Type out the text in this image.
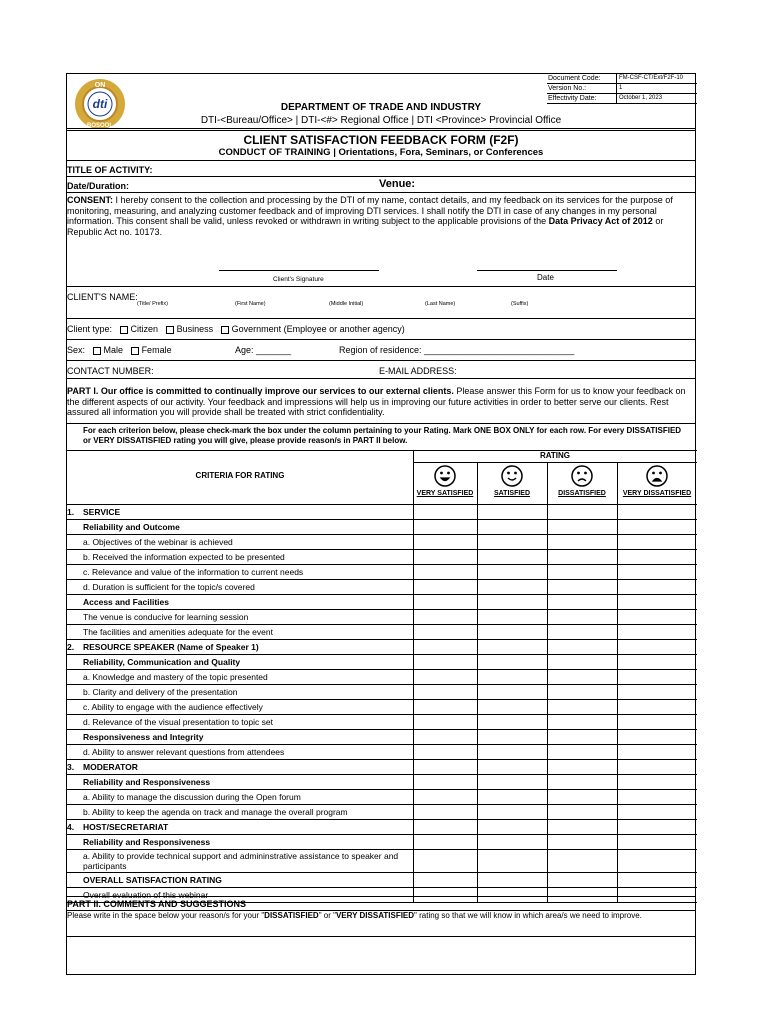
Document Code:	FM-CSF-CT/Ext/F2F-10
Version No.:	1
Effectivity Date:	October 1, 2023
dti
ON
BOSOOL
DEPARTMENT OF TRADE AND INDUSTRY
DTI-<Bureau/Office> | DTI-<#> Regional Office | DTI <Province> Provincial Office
CLIENT SATISFACTION FEEDBACK FORM (F2F)
CONDUCT OF TRAINING | Orientations, Fora, Seminars, or Conferences
TITLE OF ACTIVITY:
Date/Duration:	Venue:
CONSENT: I hereby consent to the collection and processing by the DTI of my name, contact details, and my feedback on its services for the purpose of monitoring, measuring, and analyzing customer feedback and of improving DTI services. I shall notify the DTI in case of any changes in my personal information. This consent shall be valid, unless revoked or withdrawn in writing subject to the applicable provisions of the Data Privacy Act of 2012 or Republic Act no. 10173.
Client's Signature	Date
CLIENT'S NAME:
(Title/ Prefix)	(First Name)	(Middle Initial)	(Last Name)	(Suffix)
Client type: Citizen Business Government (Employee or another agency)
Sex: Male Female	Age: _______	Region of residence: ______________________________
CONTACT NUMBER:	E-MAIL ADDRESS:
PART I. Our office is committed to continually improve our services to our external clients. Please answer this Form for us to know your feedback on the different aspects of our activity. Your feedback and impressions will help us in improving our future activities in order to better serve our clients. Rest assured all information you will provide shall be treated with strict confidentiality.
For each criterion below, please check-mark the box under the column pertaining to your Rating. Mark ONE BOX ONLY for each row. For every DISSATISFIED or VERY DISSATISFIED rating you will give, please provide reason/s in PART II below.
CRITERIA FOR RATING
RATING
VERY SATISFIED	SATISFIED	DISSATISFIED	VERY DISSATISFIED
1. SERVICE
Reliability and Outcome
a. Objectives of the webinar is achieved
b. Received the information expected to be presented
c. Relevance and value of the information to current needs
d. Duration is sufficient for the topic/s covered
Access and Facilities
The venue is conducive for learning session
The facilities and amenities adequate for the event
2. RESOURCE SPEAKER (Name of Speaker 1)
Reliability, Communication and Quality
a. Knowledge and mastery of the topic presented
b. Clarity and delivery of the presentation
c. Ability to engage with the audience effectively
d. Relevance of the visual presentation to topic set
Responsiveness and Integrity
d. Ability to answer relevant questions from attendees
3. MODERATOR
Reliability and Responsiveness
a. Ability to manage the discussion during the Open forum
b. Ability to keep the agenda on track and manage the overall program
4. HOST/SECRETARIAT
Reliability and Responsiveness
a. Ability to provide technical support and admininstrative assistance to speaker and participants
OVERALL SATISFACTION RATING
Overall evaluation of this webinar
PART II. COMMENTS AND SUGGESTIONS
Please write in the space below your reason/s for your "DISSATISFIED" or "VERY DISSATISFIED" rating so that we will know in which area/s we need to improve.
